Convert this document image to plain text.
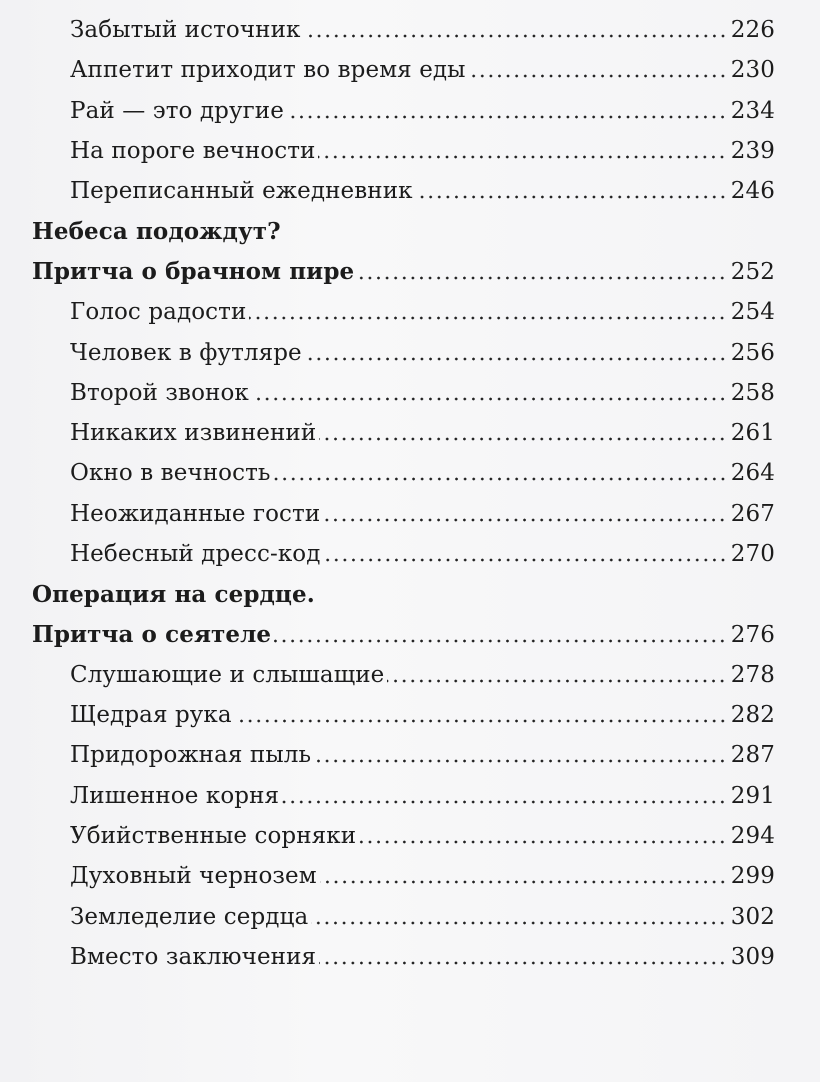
Забытый источник	226
Аппетит приходит во время еды	230
Рай — это другие	234
На пороге вечности	239
Переписанный ежедневник	246
Небеса подождут?
Притча о брачном пире	252
Голос радости	254
Человек в футляре	256
Второй звонок	258
Никаких извинений	261
Окно в вечность	264
Неожиданные гости	267
Небесный дресс-код	270
Операция на сердце.
Притча о сеятеле	276
Слушающие и слышащие	278
Щедрая рука	282
Придорожная пыль	287
Лишенное корня	291
Убийственные сорняки	294
Духовный чернозем	299
Земледелие сердца	302
Вместо заключения	309
